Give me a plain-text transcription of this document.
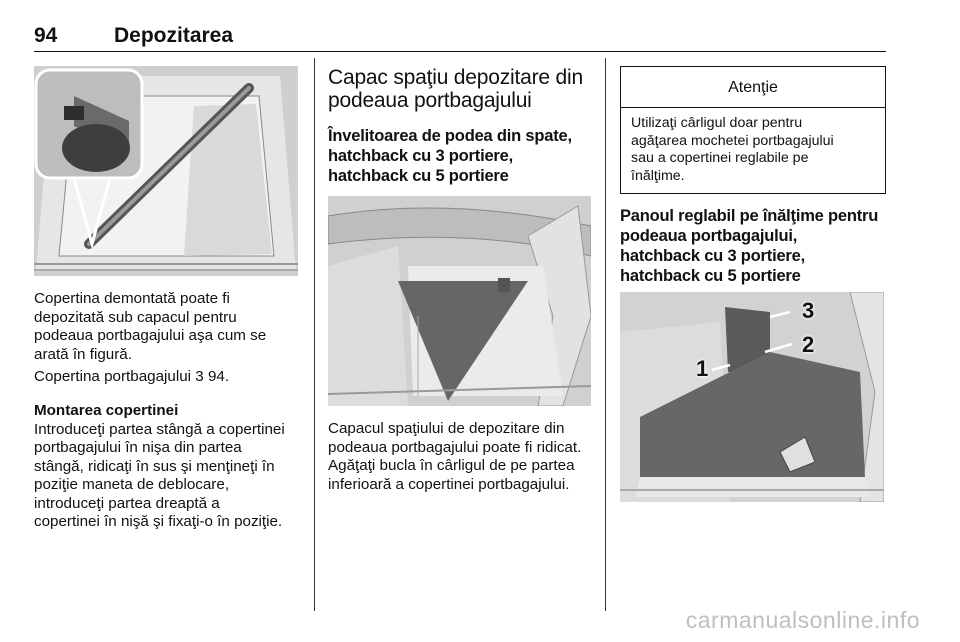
94	Depozitarea

Copertina demontată poate fi

depozitată sub capacul pentru

podeaua portbagajului aşa cum se

arată în figură.

Copertina portbagajului 3 94.

Montarea copertinei

Introduceţi partea stângă a copertinei

portbagajului în nişa din partea

stângă, ridicaţi în sus şi menţineţi în

poziţie maneta de deblocare,

introduceţi partea dreaptă a

copertinei în nişă şi fixaţi-o în poziţie.

Capac spaţiu depozitare din

podeaua portbagajului

Învelitoarea de podea din spate,

hatchback cu 3 portiere,

hatchback cu 5 portiere

Capacul spaţiului de depozitare din

podeaua portbagajului poate fi ridicat.

Agăţaţi bucla în cârligul de pe partea

inferioară a copertinei portbagajului.

Atenţie

Utilizaţi cârligul doar pentru

agăţarea mochetei portbagajului

sau a copertinei reglabile pe

înălţime.

Panoul reglabil pe înălţime pentru

podeaua portbagajului,

hatchback cu 3 portiere,

hatchback cu 5 portiere

1
2
3
carmanualsonline.info
